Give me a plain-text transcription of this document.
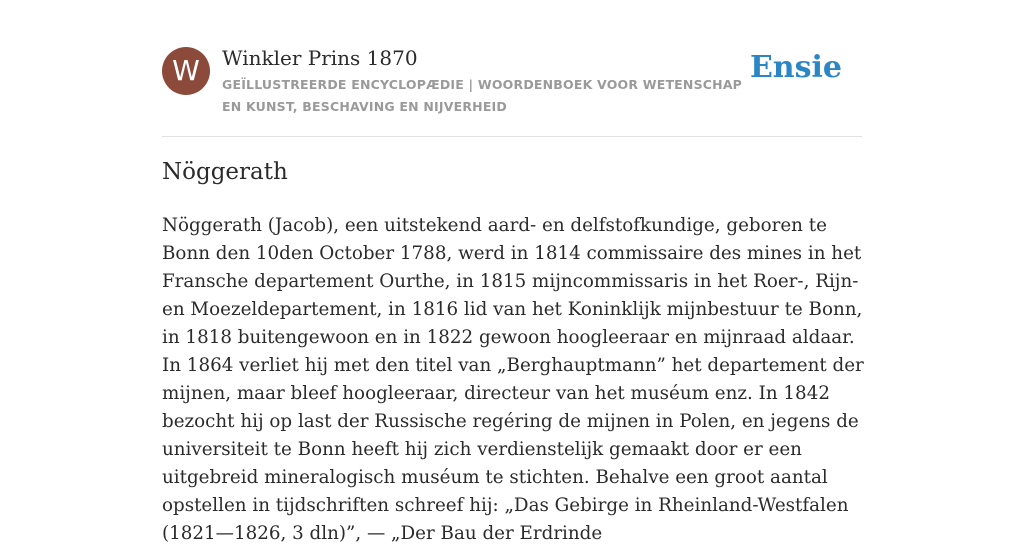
W Winkler Prins 1870
GEÏLLUSTREERDE ENCYCLOPÆDIE | WOORDENBOEK VOOR WETENSCHAP EN KUNST, BESCHAVING EN NIJVERHEID
Ensie
Nöggerath

Nöggerath (Jacob), een uitstekend aard- en delfstofkundige, geboren te Bonn den 10den October 1788, werd in 1814 commissaire des mines in het Fransche departement Ourthe, in 1815 mijncommissaris in het Roer-, Rijn- en Moezeldepartement, in 1816 lid van het Koninklijk mijnbestuur te Bonn, in 1818 buitengewoon en in 1822 gewoon hoogleeraar en mijnraad aldaar. In 1864 verliet hij met den titel van „Berghauptmann” het departement der mijnen, maar bleef hoogleeraar, directeur van het muséum enz. In 1842 bezocht hij op last der Russische regéring de mijnen in Polen, en jegens de universiteit te Bonn heeft hij zich verdienstelijk gemaakt door er een uitgebreid mineralogisch muséum te stichten. Behalve een groot aantal opstellen in tijdschriften schreef hij: „Das Gebirge in Rheinland-Westfalen (1821—1826, 3 dln)”, — „Der Bau der Erdrinde
